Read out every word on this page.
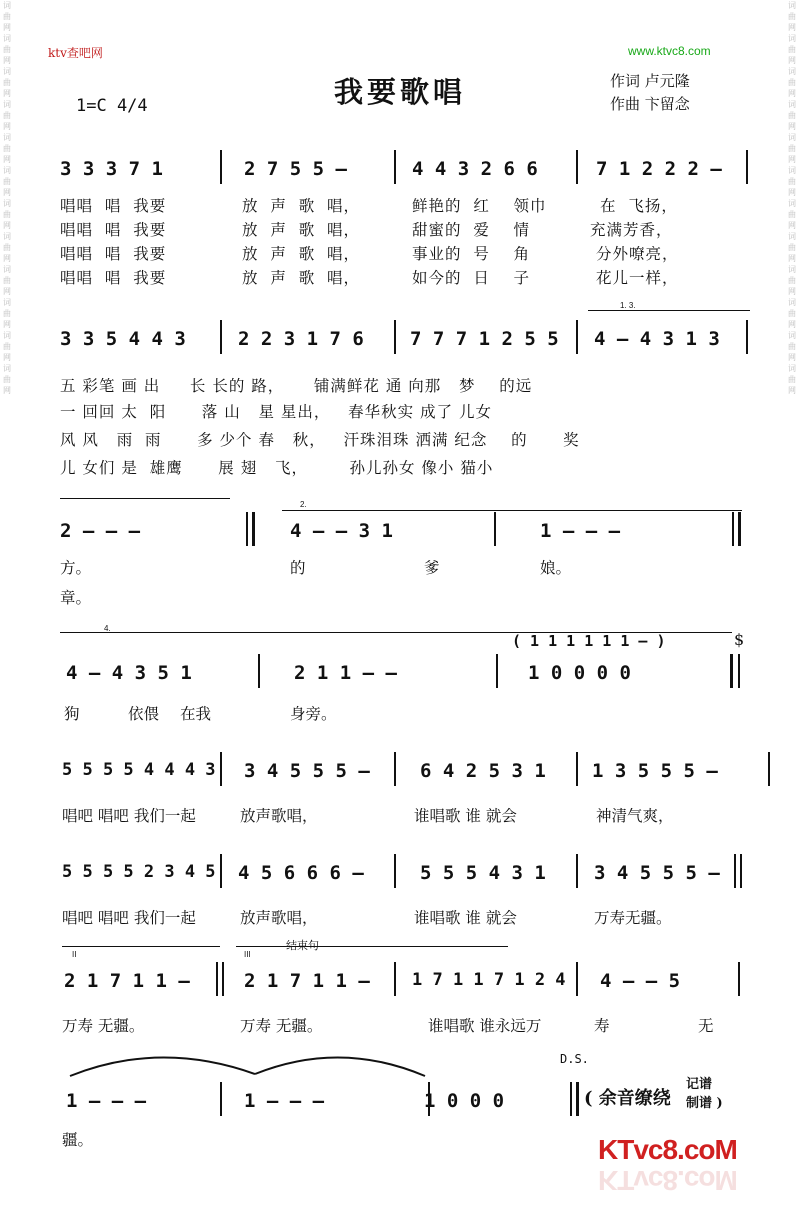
词
曲
网
词
曲
网
词
曲
网
词
曲
网
词
曲
网
词
曲
网
词
曲
网
词
曲
网
词
曲
网
词
曲
网
词
曲
网
词
曲
网
词
曲
网
词
曲
网
词
曲
网
词
曲
网
词
曲
网
词
曲
网
词
曲
网
词
曲
网
词
曲
网
词
曲
网
词
曲
网
词
曲
网
ktv查吧网	www.ktvc8.com
我要歌唱	作词 卢元隆
作曲 卞留念
1=C 4/4
3 3 3 7 1	2 7 5 5 –	4 4 3 2 6 6	7 1 2 2 2 –
唱唱  唱  我要	放  声  歌  唱，	鲜艳的  红    领巾	在  飞扬，
唱唱  唱  我要	放  声  歌  唱，	甜蜜的  爱    情	充满芳香，
唱唱  唱  我要	放  声  歌  唱，	事业的  号    角	分外嘹亮，
唱唱  唱  我要	放  声  歌  唱，	如今的  日    子	花儿一样，
1. 3.
3 3 5 4 4 3	2 2 3 1 7 6 7 7 7 1 2 5 5 4 – 4 3 1 3
五 彩笔 画 出     长 长的 路，     铺满鲜花 通 向那   梦    的远
一 回回 太  阳      落 山   星 星出，   春华秋实 成了 儿女
风 风   雨  雨      多 少个 春   秋，   汗珠泪珠 洒满 纪念    的      奖
儿 女们 是  雄鹰      展 翅   飞，       孙儿孙女 像小 猫小
2.
2 – – –	4 – – 3 1	1 – – –
方。	的	爹	娘。
章。
4.
( 1 1 1 1 1 1 – )	$
4 – 4 3 5 1	2 1 1 – –	1 0 0 0 0
狗	依偎 在我	身旁。
5 5 5 5 4 4 4 3 3 4 5 5 5 –	6 4 2 5 3 1 1 3 5 5 5 –
唱吧 唱吧 我们一起	放声歌唱，	谁唱歌 谁 就会	神清气爽，
5 5 5 5 2 3 4 5 4 5 6 6 6 –	5 5 5 4 3 1	3 4 5 5 5 –
唱吧 唱吧 我们一起	放声歌唱，	谁唱歌 谁 就会	万寿无疆。
II	III
结束句
2 1 7 1 1 –	2 1 7 1 1 – 1 7 1 1 7 1 2 4 4 – – 5
万寿 无疆。	万寿 无疆。	谁唱歌 谁永远万	寿	无
D.S.
1 – – –	1 – – –	1 0 0 0	( 余音缭绕
记谱
制谱 )
疆。	KTvc8.coM
KTvc8.coM
